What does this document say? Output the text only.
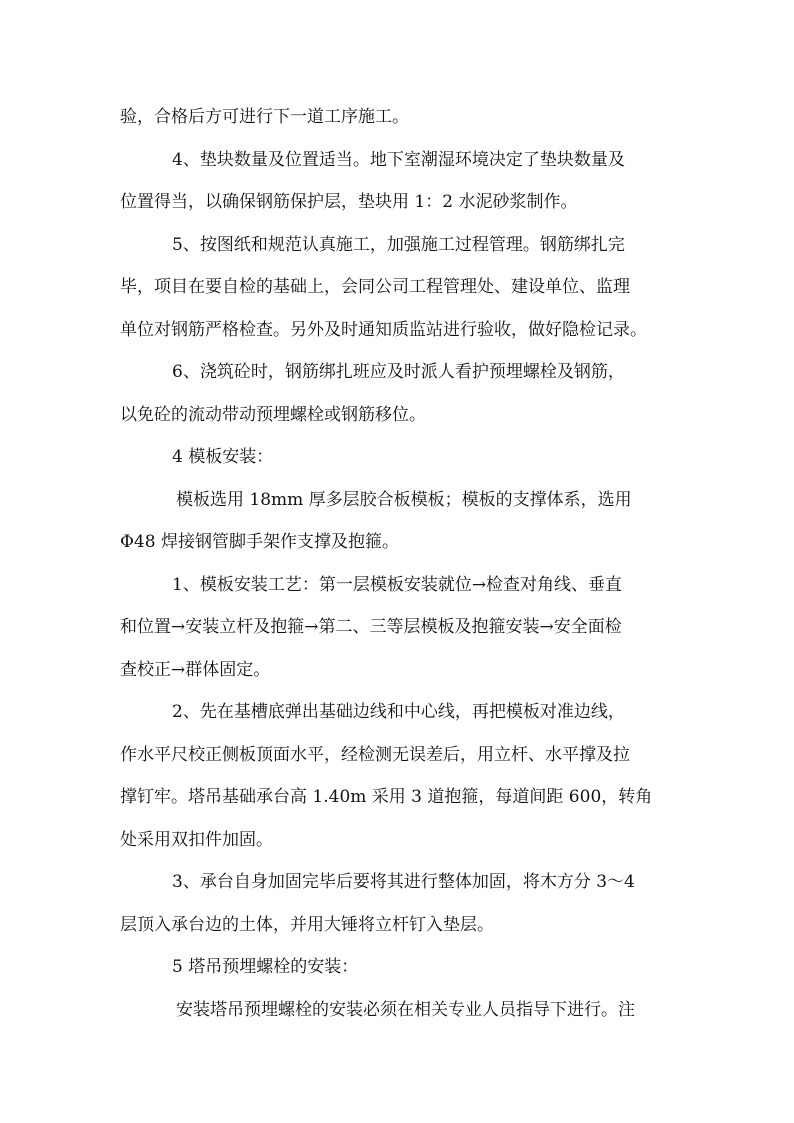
验，合格后方可进行下一道工序施工。
4、垫块数量及位置适当。地下室潮湿环境决定了垫块数量及
位置得当，以确保钢筋保护层，垫块用 1：2 水泥砂浆制作。
5、按图纸和规范认真施工，加强施工过程管理。钢筋绑扎完
毕，项目在要自检的基础上，会同公司工程管理处、建设单位、监理
单位对钢筋严格检查。另外及时通知质监站进行验收，做好隐检记录。
6、浇筑砼时，钢筋绑扎班应及时派人看护预埋螺栓及钢筋，
以免砼的流动带动预埋螺栓或钢筋移位。
4 模板安装：
模板选用 18mm 厚多层胶合板模板；模板的支撑体系，选用
Φ48 焊接钢管脚手架作支撑及抱箍。
1、模板安装工艺：第一层模板安装就位→检查对角线、垂直
和位置→安装立杆及抱箍→第二、三等层模板及抱箍安装→安全面检
查校正→群体固定。
2、先在基槽底弹出基础边线和中心线，再把模板对准边线，
作水平尺校正侧板顶面水平，经检测无误差后，用立杆、水平撑及拉
撑钉牢。塔吊基础承台高 1.40m 采用 3 道抱箍，每道间距 600，转角
处采用双扣件加固。
3、承台自身加固完毕后要将其进行整体加固，将木方分 3～4
层顶入承台边的土体，并用大锤将立杆钉入垫层。
5 塔吊预埋螺栓的安装：
安装塔吊预埋螺栓的安装必须在相关专业人员指导下进行。注
